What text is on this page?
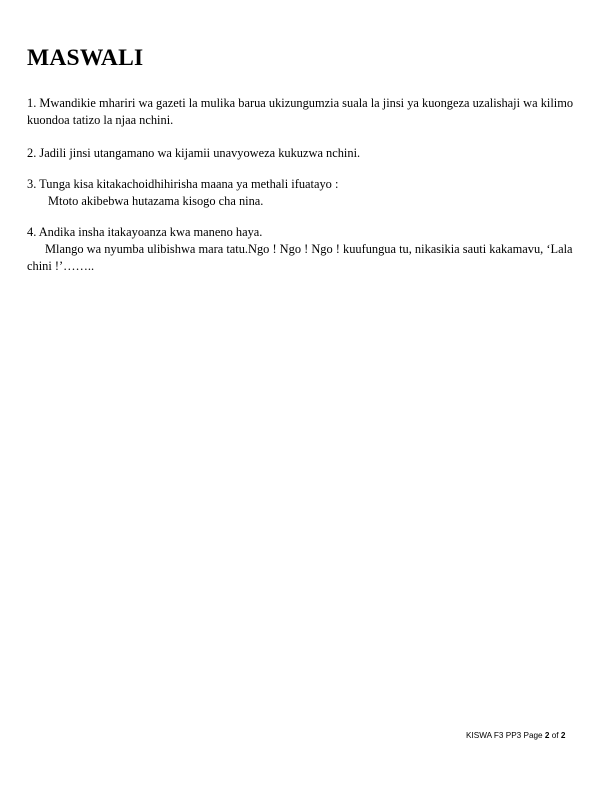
MASWALI

1. Mwandikie mhariri wa gazeti la mulika barua ukizungumzia suala la jinsi ya kuongeza uzalishaji wa kilimo kuondoa tatizo la njaa nchini.

2. Jadili jinsi utangamano wa kijamii unavyoweza kukuzwa nchini.

3. Tunga kisa kitakachoidhihirisha maana ya methali ifuatayo :
Mtoto akibebwa hutazama kisogo cha nina.

4. Andika insha itakayoanza kwa maneno haya.
Mlango wa nyumba ulibishwa mara tatu.Ngo ! Ngo ! Ngo ! kuufungua tu, nikasikia sauti kakamavu, ‘Lala chini !’……..

KISWA F3 PP3 Page 2 of 2
